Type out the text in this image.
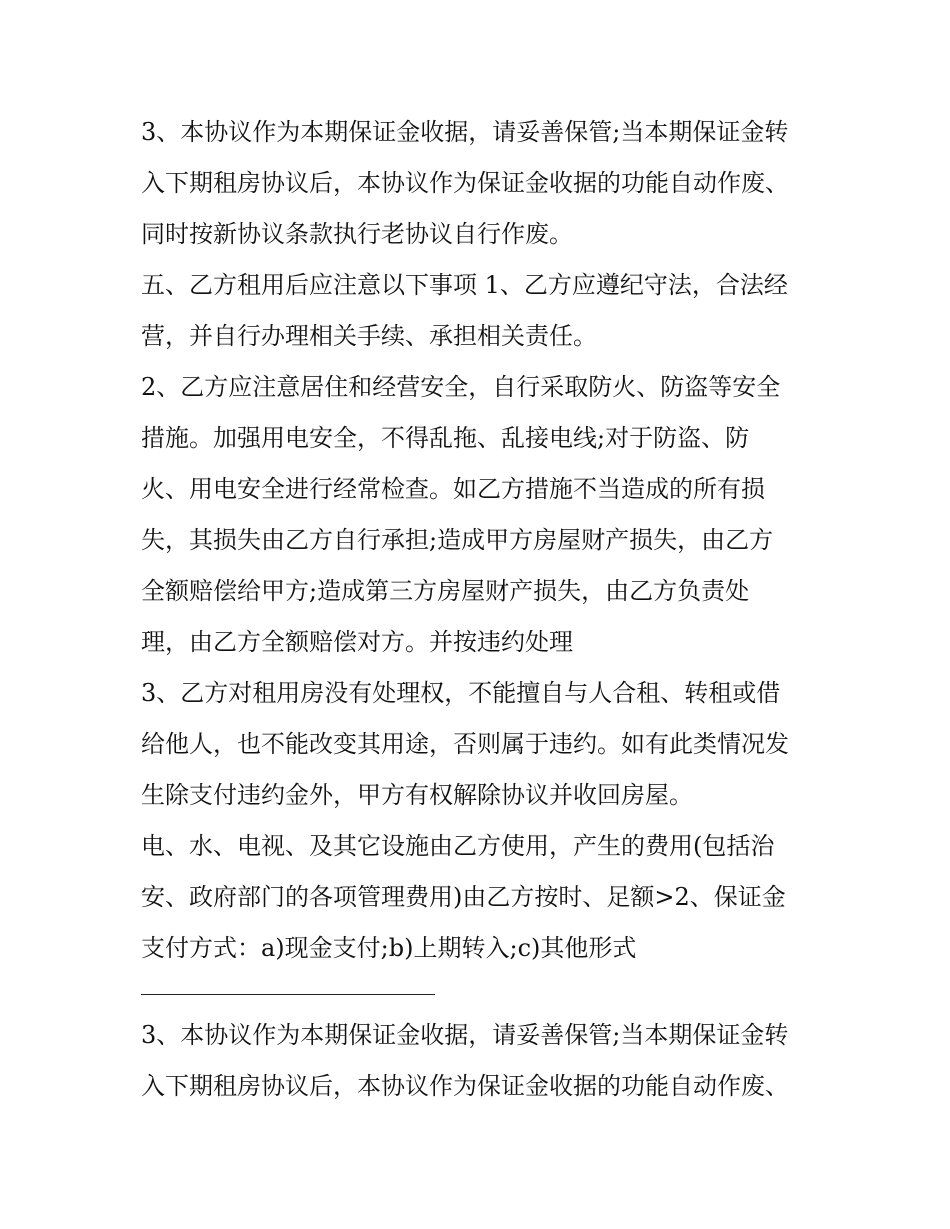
3、本协议作为本期保证金收据，请妥善保管;当本期保证金转
入下期租房协议后，本协议作为保证金收据的功能自动作废、
同时按新协议条款执行老协议自行作废。
五、乙方租用后应注意以下事项 1、乙方应遵纪守法，合法经
营，并自行办理相关手续、承担相关责任。
2、乙方应注意居住和经营安全，自行采取防火、防盗等安全
措施。加强用电安全，不得乱拖、乱接电线;对于防盗、防
火、用电安全进行经常检查。如乙方措施不当造成的所有损
失，其损失由乙方自行承担;造成甲方房屋财产损失，由乙方
全额赔偿给甲方;造成第三方房屋财产损失，由乙方负责处
理，由乙方全额赔偿对方。并按违约处理
3、乙方对租用房没有处理权，不能擅自与人合租、转租或借
给他人，也不能改变其用途，否则属于违约。如有此类情况发
生除支付违约金外，甲方有权解除协议并收回房屋。
电、水、电视、及其它设施由乙方使用，产生的费用(包括治
安、政府部门的各项管理费用)由乙方按时、足额>2、保证金
支付方式：a)现金支付;b)上期转入;c)其他形式
3、本协议作为本期保证金收据，请妥善保管;当本期保证金转
入下期租房协议后，本协议作为保证金收据的功能自动作废、
